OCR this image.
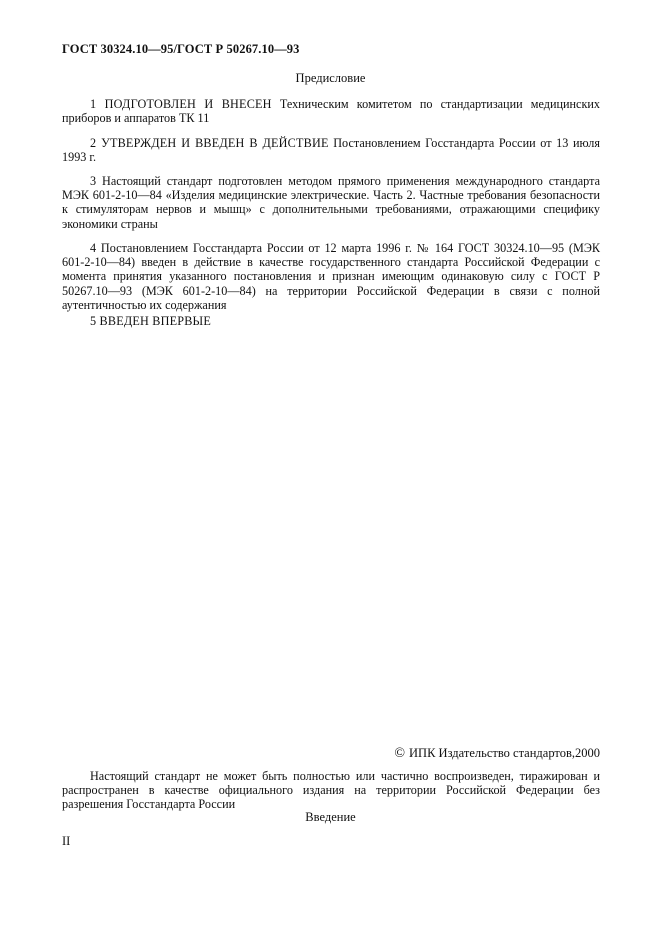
ГОСТ 30324.10—95/ГОСТ Р 50267.10—93
Предисловие

1 ПОДГОТОВЛЕН И ВНЕСЕН Техническим комитетом по стандартизации медицинских приборов и аппаратов ТК 11

2 УТВЕРЖДЕН И ВВЕДЕН В ДЕЙСТВИЕ Постановлением Госстандарта России от 13 июля 1993 г.

3 Настоящий стандарт подготовлен методом прямого применения международного стандарта МЭК 601-2-10—84 «Изделия медицинские электрические. Часть 2. Частные требования безопасности к стимуляторам нервов и мышц» с дополнительными требованиями, отражающими специфику экономики страны

4 Постановлением Госстандарта России от 12 марта 1996 г. № 164 ГОСТ 30324.10—95 (МЭК 601-2-10—84) введен в действие в качестве государственного стандарта Российской Федерации с момента принятия указанного постановления и признан имеющим одинаковую силу с ГОСТ Р 50267.10—93 (МЭК 601-2-10—84) на территории Российской Федерации в связи с полной аутентичностью их содержания

5 ВВЕДЕН ВПЕРВЫЕ

© ИПК Издательство стандартов,2000

Настоящий стандарт не может быть полностью или частично воспроизведен, тиражирован и распространен в качестве официального издания на территории Российской Федерации без разрешения Госстандарта России

Введение
II
